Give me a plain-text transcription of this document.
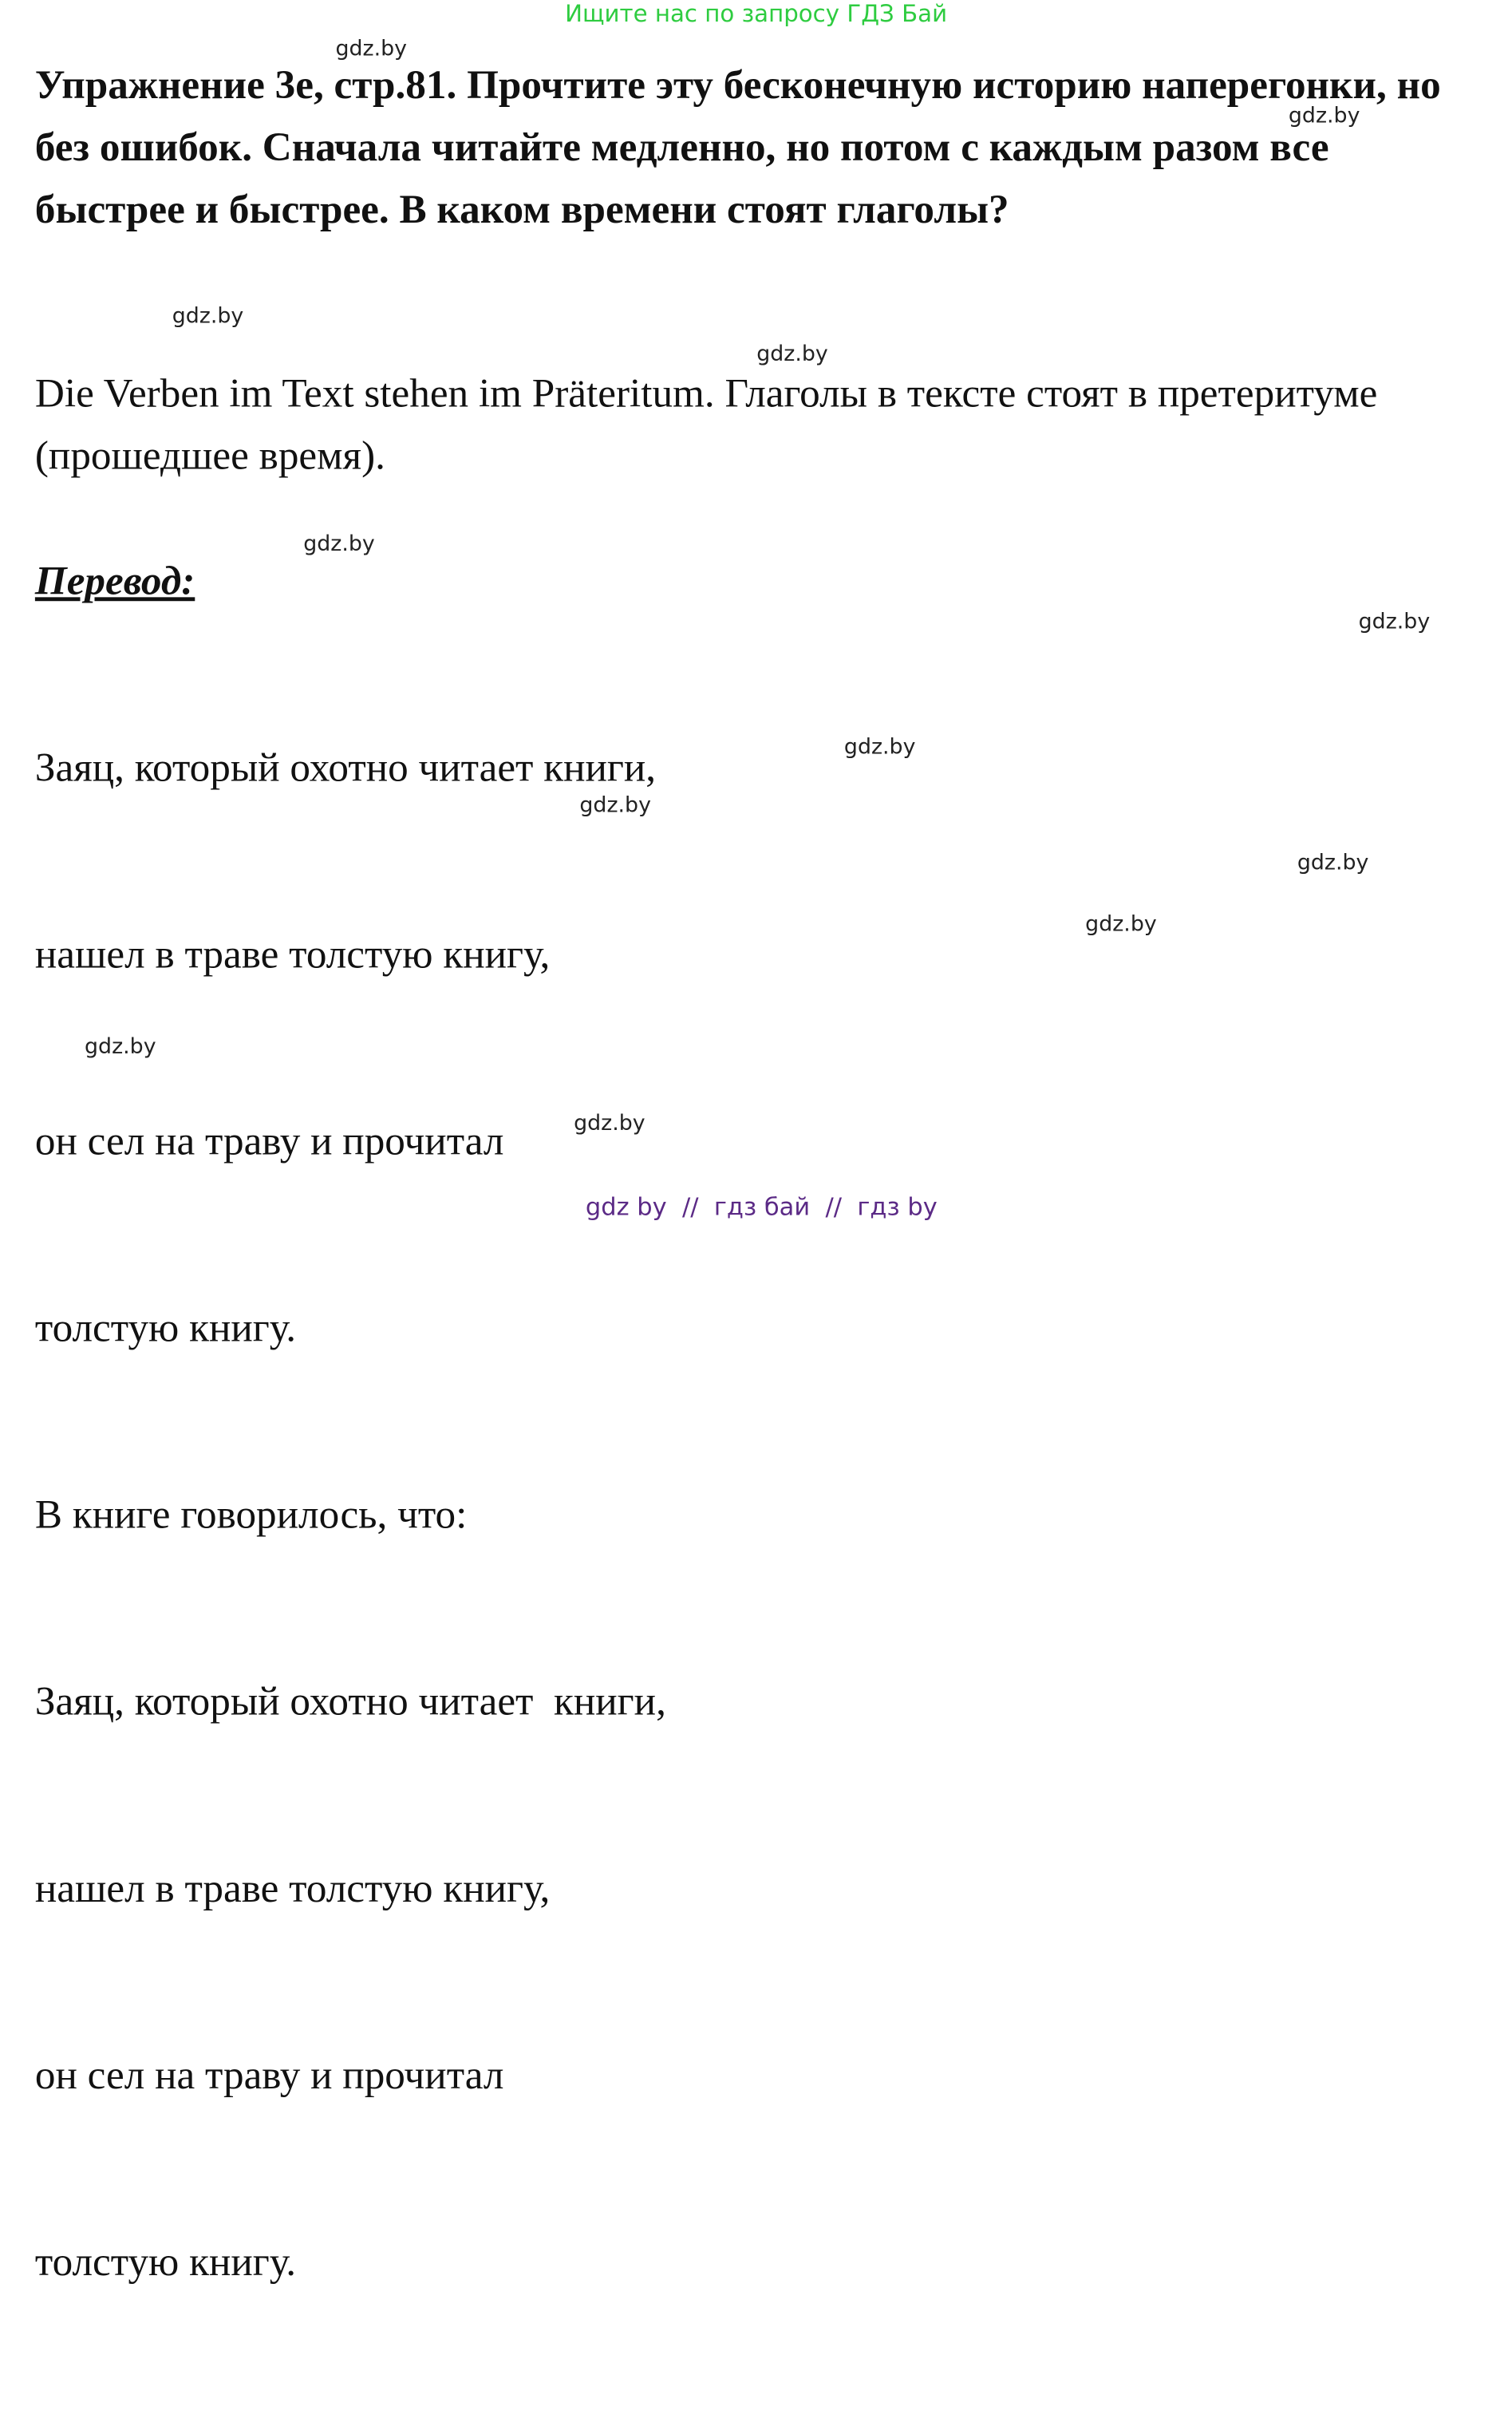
Ищите нас по запросу ГДЗ Бай

Упражнение 3е, стр.81. Прочтите эту бесконечную историю наперегонки, но без ошибок. Сначала читайте медленно, но потом с каждым разом все быстрее и быстрее. В каком времени стоят глаголы?

Die Verben im Text stehen im Präteritum. Глаголы в тексте стоят в претеритуме (прошедшее время).

Перевод:

Заяц, который охотно читает книги,

нашел в траве толстую книгу,

он сел на траву и прочитал

толстую книгу.

В книге говорилось, что:

Заяц, который охотно читает  книги,

нашел в траве толстую книгу,

он сел на траву и прочитал

толстую книгу.

gdz.by
gdz.by
gdz.by
gdz.by
gdz.by
gdz.by
gdz.by
gdz.by
gdz.by
gdz.by
gdz.by
gdz.by
gdz by  //  гдз бай  //  гдз by
